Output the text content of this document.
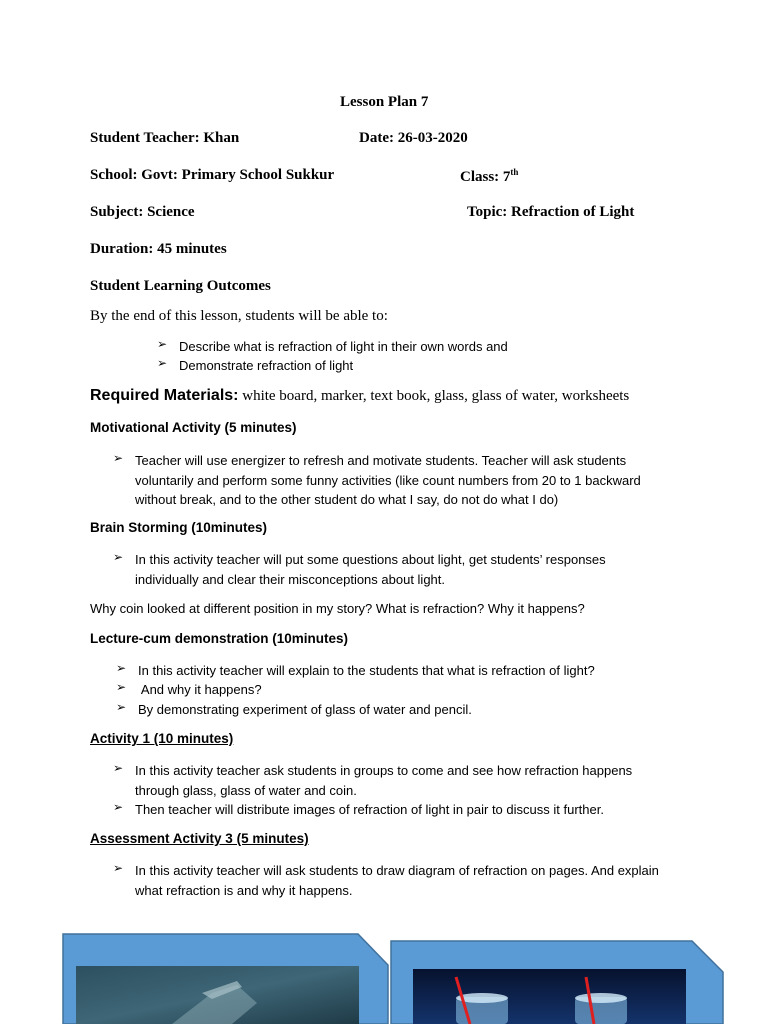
Lesson Plan 7
Student Teacher: Khan	Date: 26-03-2020
School: Govt: Primary School Sukkur	Class: 7th
Subject: Science	Topic: Refraction of Light
Duration: 45 minutes
Student Learning Outcomes
By the end of this lesson, students will be able to:
➢ Describe what is refraction of light in their own words and
➢ Demonstrate refraction of light
Required Materials: white board, marker, text book, glass, glass of water, worksheets
Motivational Activity (5 minutes)
➢ Teacher will use energizer to refresh and motivate students. Teacher will ask students voluntarily and perform some funny activities (like count numbers from 20 to 1 backward without break, and to the other student do what I say, do not do what I do)
Brain Storming (10minutes)
➢ In this activity teacher will put some questions about light, get students’ responses individually and clear their misconceptions about light.
Why coin looked at different position in my story? What is refraction? Why it happens?
Lecture-cum demonstration (10minutes)
➢ In this activity teacher will explain to the students that what is refraction of light?
➢ And why it happens?
➢ By demonstrating experiment of glass of water and pencil.
Activity 1 (10 minutes)
➢ In this activity teacher ask students in groups to come and see how refraction happens through glass, glass of water and coin.
➢ Then teacher will distribute images of refraction of light in pair to discuss it further.
Assessment Activity 3 (5 minutes)
➢ In this activity teacher will ask students to draw diagram of refraction on pages. And explain what refraction is and why it happens.
